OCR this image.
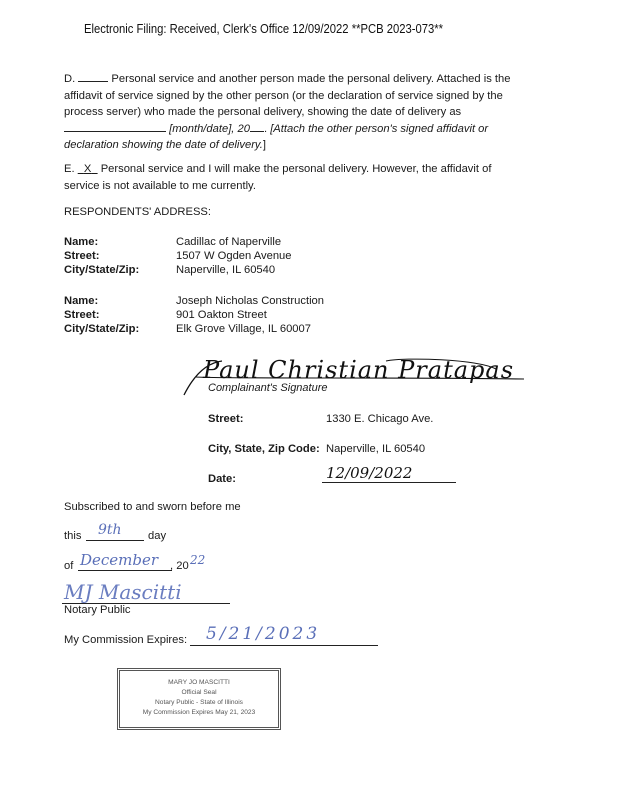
Electronic Filing: Received, Clerk's Office 12/09/2022 **PCB 2023-073**
D.	Personal service and another person made the personal delivery. Attached is the
affidavit of service signed by the other person (or the declaration of service signed by the
process server) who made the personal delivery, showing the date of delivery as
[month/date], 20 . [Attach the other person's signed affidavit or
declaration showing the date of delivery.]
E. X Personal service and I will make the personal delivery. However, the affidavit of
service is not available to me currently.
RESPONDENTS' ADDRESS:
Name:	Cadillac of Naperville
Street:	1507 W Ogden Avenue
City/State/Zip:	Naperville, IL 60540
Name:	Joseph Nicholas Construction
Street:	901 Oakton Street
City/State/Zip:	Elk Grove Village, IL 60007
Paul Christian Pratapas
Complainant's Signature
Street:	1330 E. Chicago Ave.
City, State, Zip Code: Naperville, IL 60540
Date:	12/09/2022
Subscribed to and sworn before me
this 9th day
of December , 20 22
MJ Mascitti
Notary Public
My Commission Expires: 5/21/2023
MARY JO MASCITTI
Official Seal
Notary Public - State of Illinois
My Commission Expires May 21, 2023
